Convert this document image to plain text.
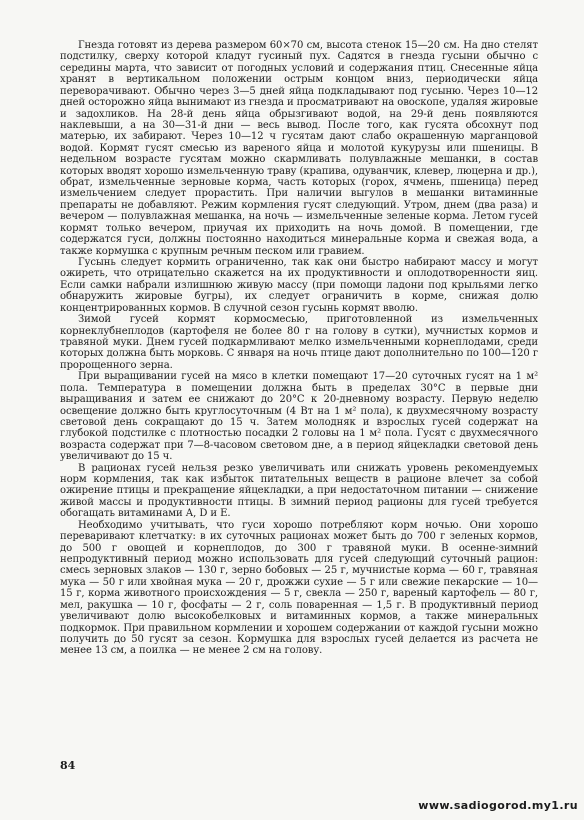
Гнезда готовят из дерева размером 60×70 см, высота стенок 15—20 см. На дно стелят подстилку, сверху которой кладут гусиный пух. Садятся в гнезда гусыни обычно с середины марта, что зависит от погодных условий и содержания птиц. Снесенные яйца хранят в вертикальном положении острым концом вниз, периодически яйца переворачивают. Обычно через 3—5 дней яйца подкладывают под гусыню. Через 10—12 дней осторожно яйца вынимают из гнезда и просматривают на овоскопе, удаляя жировые и задохликов. На 28-й день яйца обрызгивают водой, на 29-й день появляются наклевыши, а на 30—31-й дни — весь вывод. После того, как гусята обсохнут под матерью, их забирают. Через 10—12 ч гусятам дают слабо окрашенную марганцовой водой. Кормят гусят смесью из вареного яйца и молотой кукурузы или пшеницы. В недельном возрасте гусятам можно скармливать полувлажные мешанки, в состав которых вводят хорошо измельченную траву (крапива, одуванчик, клевер, люцерна и др.), обрат, измельченные зерновые корма, часть которых (горох, ячмень, пшеница) перед измельчением следует прорастить. При наличии выгулов в мешанки витаминные препараты не добавляют. Режим кормления гусят следующий. Утром, днем (два раза) и вечером — полувлажная мешанка, на ночь — измельченные зеленые корма. Летом гусей кормят только вечером, приучая их приходить на ночь домой. В помещении, где содержатся гуси, должны постоянно находиться минеральные корма и свежая вода, а также кормушка с крупным речным песком или гравием.

Гусынь следует кормить ограниченно, так как они быстро набирают массу и могут ожиреть, что отрицательно скажется на их продуктивности и оплодотворенности яиц. Если самки набрали излишнюю живую массу (при помощи ладони под крыльями легко обнаружить жировые бугры), их следует ограничить в корме, снижая долю концентрированных кормов. В случной сезон гусынь кормят вволю.

Зимой гусей кормят кормосмесью, приготовленной из измельченных корнеклубнеплодов (картофеля не более 80 г на голову в сутки), мучнистых кормов и травяной муки. Днем гусей подкармливают мелко измельченными корнеплодами, среди которых должна быть морковь. С января на ночь птице дают дополнительно по 100—120 г пророщенного зерна.

При выращивании гусей на мясо в клетки помещают 17—20 суточных гусят на 1 м² пола. Температура в помещении должна быть в пределах 30°С в первые дни выращивания и затем ее снижают до 20°С к 20-дневному возрасту. Первую неделю освещение должно быть круглосуточным (4 Вт на 1 м² пола), к двухмесячному возрасту световой день сокращают до 15 ч. Затем молодняк и взрослых гусей содержат на глубокой подстилке с плотностью посадки 2 головы на 1 м² пола. Гусят с двухмесячного возраста содержат при 7—8-часовом световом дне, а в период яйцекладки световой день увеличивают до 15 ч.

В рационах гусей нельзя резко увеличивать или снижать уровень рекомендуемых норм кормления, так как избыток питательных веществ в рационе влечет за собой ожирение птицы и прекращение яйцекладки, а при недостаточном питании — снижение живой массы и продуктивности птицы. В зимний период рационы для гусей требуется обогащать витаминами А, D и Е.

Необходимо учитывать, что гуси хорошо потребляют корм ночью. Они хорошо переваривают клетчатку: в их суточных рационах может быть до 700 г зеленых кормов, до 500 г овощей и корнеплодов, до 300 г травяной муки. В осенне-зимний непродуктивный период можно использовать для гусей следующий суточный рацион: смесь зерновых злаков — 130 г, зерно бобовых — 25 г, мучнистые корма — 60 г, травяная мука — 50 г или хвойная мука — 20 г, дрожжи сухие — 5 г или свежие пекарские — 10—15 г, корма животного происхождения — 5 г, свекла — 250 г, вареный картофель — 80 г, мел, ракушка — 10 г, фосфаты — 2 г, соль поваренная — 1,5 г. В продуктивный период увеличивают долю высокобелковых и витаминных кормов, а также минеральных подкормок. При правильном кормлении и хорошем содержании от каждой гусыни можно получить до 50 гусят за сезон. Кормушка для взрослых гусей делается из расчета не менее 13 см, а поилка — не менее 2 см на голову.

84
www.sadiogorod.my1.ru
